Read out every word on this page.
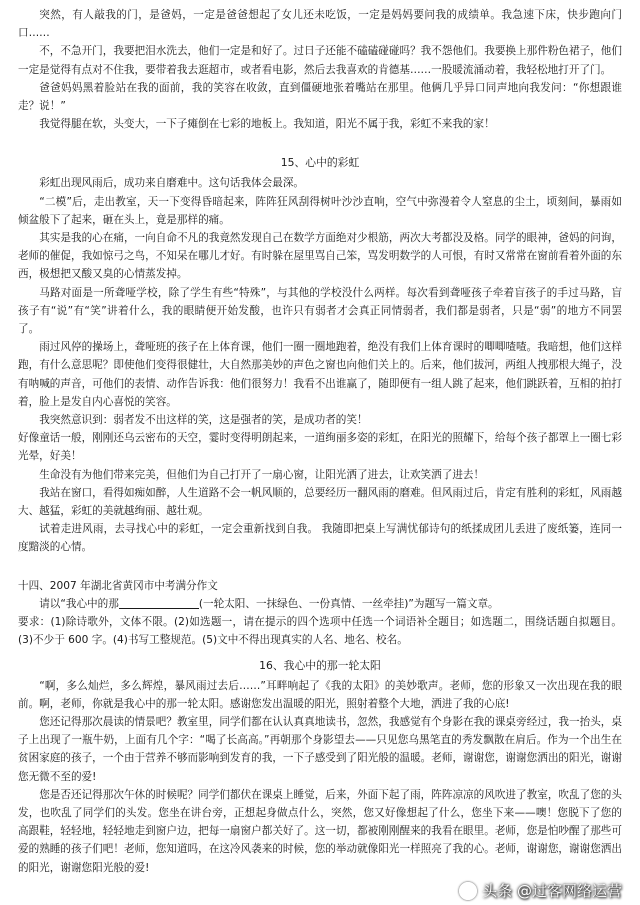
突然，有人敲我的门，是爸妈，一定是爸爸想起了女儿还未吃饭，一定是妈妈要问我的成绩单。我急速下床，快步跑向门口……

不，不急开门，我要把泪水洗去，他们一定是和好了。过日子还能不磕磕碰碰吗？我不怨他们。我要换上那件粉色裙子，他们一定是觉得有点对不住我，要带着我去逛超市，或者看电影，然后去我喜欢的肯德基……一股暖流涌动着，我轻松地打开了门。

爸爸妈妈黑着脸站在我的面前，我的笑容在收敛，直到僵硬地张着嘴站在那里。他俩几乎异口同声地向我发问：“你想跟谁走？说！”

我觉得腿在软，头变大，一下子瘫倒在七彩的地板上。我知道，阳光不属于我，彩虹不来我的家！

15、心中的彩虹

彩虹出现风雨后，成功来自磨难中。这句话我体会最深。

“二模”后，走出教室，天一下变得昏暗起来，阵阵狂风刮得树叶沙沙直响，空气中弥漫着令人窒息的尘土，顷刻间，暴雨如倾盆般下了起来，砸在头上，竟是那样的痛。

其实是我的心在痛，一向自命不凡的我竟然发现自己在数学方面绝对少根筋，两次大考都没及格。同学的眼神，爸妈的问询，老师的催促，我如惊弓之鸟，不知呆在哪儿才好。有时躲在屋里骂自己笨，骂发明数学的人可恨，有时又常常在窗前看着外面的东西，极想把又酸又臭的心情蒸发掉。

马路对面是一所聋哑学校，除了学生有些“特殊”，与其他的学校没什么两样。每次看到聋哑孩子牵着盲孩子的手过马路，盲孩子有“说”有“笑”讲着什么，我的眼睛便开始发酸，也许只有弱者才会真正同情弱者，我们都是弱者，只是“弱”的地方不同罢了。

雨过风停的操场上，聋哑班的孩子在上体育课，他们一圈一圈地跑着，绝没有我们上体育课时的唧唧喳喳。我暗想，他们这样跑，有什么意思呢？即使他们变得很健壮，大自然那美妙的声色之窗也向他们关上的。后来，他们拔河，两组人拽那根大绳子，没有呐喊的声音，可他们的表情、动作告诉我：他们很努力！我看不出谁赢了，随即便有一组人跳了起来，他们跳跃着，互相的拍打着，脸上是发自内心喜悦的笑容。

我突然意识到：弱者发不出这样的笑，这是强者的笑，是成功者的笑！

好像童话一般，刚刚还乌云密布的天空，霎时变得明朗起来，一道绚丽多姿的彩虹，在阳光的照耀下，给每个孩子都罩上一圈七彩光晕，好美！

生命没有为他们带来完美，但他们为自己打开了一扇心窗，让阳光洒了进去，让欢笑洒了进去！

我站在窗口，看得如痴如醉，人生道路不会一帆风顺的，总要经历一翻风雨的磨难。但风雨过后，肯定有胜利的彩虹，风雨越大、越猛，彩虹的美就越绚丽、越壮观。

试着走进风雨，去寻找心中的彩虹，一定会重新找到自我。 我随即把桌上写满忧郁诗句的纸揉成团儿丢进了废纸篓，连同一度黯淡的心情。

十四、2007 年湖北省黄冈市中考满分作文

请以“我心中的那	(一轮太阳、一抹绿色、一份真情、一丝牵挂)”为题写一篇文章。

要求：(1)除诗歌外，文体不限。(2)如选题一，请在提示的四个选项中任选一个词语补全题目；如选题二，围绕话题自拟题目。(3)不少于 600 字。(4)书写工整规范。(5)文中不得出现真实的人名、地名、校名。

16、我心中的那一轮太阳

“啊，多么灿烂，多么辉煌，暴风雨过去后……”耳畔响起了《我的太阳》的美妙歌声。老师，您的形象又一次出现在我的眼前。啊，老师，你就是我心中的那一轮太阳。感谢您发出温暖的阳光，照射着整个大地，洒进了我的心底!

您还记得那次晨读的情景吧？教室里，同学们都在认认真真地读书，忽然，我感觉有个身影在我的课桌旁经过，我一抬头，桌子上出现了一瓶牛奶，上面有几个字：“喝了长高高。”再朝那个身影望去——只见您乌黑笔直的秀发飘散在肩后。作为一个出生在贫困家庭的孩子，一个由于营养不够而影响到发育的我，一下子感受到了阳光般的温暖。老师，谢谢您，谢谢您洒出的阳光，谢谢您无微不至的爱!

您是否还记得那次午休的时候呢？同学们都伏在课桌上睡觉，后来，外面下起了雨，阵阵凉凉的风吹进了教室，吹乱了您的头发，也吹乱了同学们的头发。您坐在讲台旁，正想起身做点什么，突然，您又好像想起了什么，您坐下来——噢！您脱下了您的 高跟鞋，轻轻地，轻轻地走到窗户边，把每一扇窗户都关好了。这一切，都被刚刚醒来的我看在眼里。老师，您是怕吵醒了那些可爱的熟睡的孩子们吧！老师，您知道吗，在这冷风袭来的时候，您的举动就像阳光一样照亮了我的心。老师，谢谢您，谢谢您洒出的阳光，谢谢您阳光般的爱!

头条 @过客网络运营
